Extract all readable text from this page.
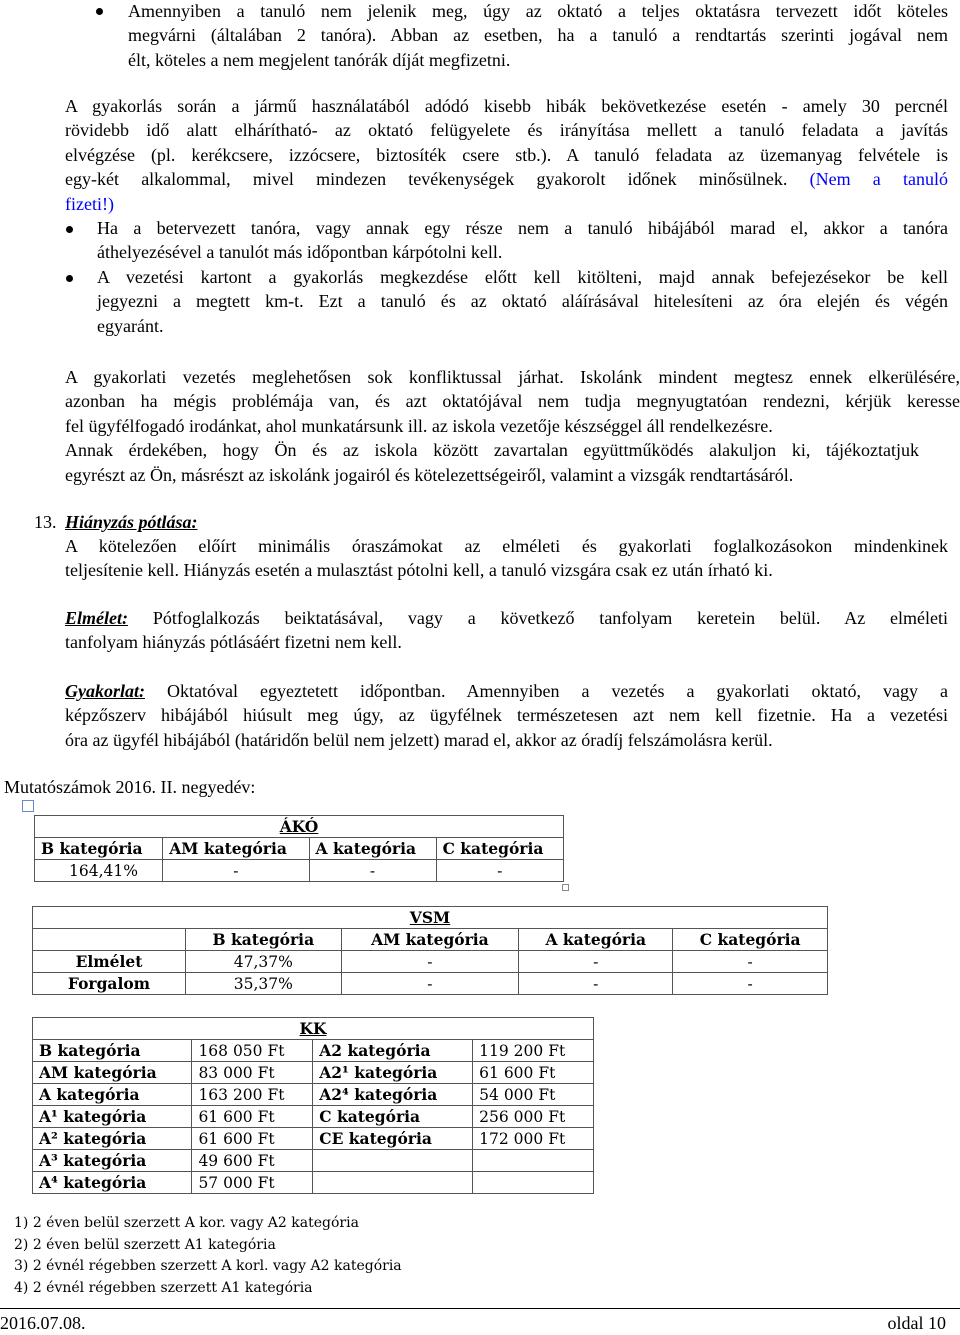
Amennyiben a tanuló nem jelenik meg, úgy az oktató a teljes oktatásra tervezett időt köteles
megvárni (általában 2 tanóra). Abban az esetben, ha a tanuló a rendtartás szerinti jogával nem
élt, köteles a nem megjelent tanórák díját megfizetni.
A gyakorlás során a jármű használatából adódó kisebb hibák bekövetkezése esetén - amely 30 percnél
rövidebb idő alatt elhárítható- az oktató felügyelete és irányítása mellett a tanuló feladata a javítás
elvégzése (pl. kerékcsere, izzócsere, biztosíték csere stb.). A tanuló feladata az üzemanyag felvétele is
egy-két alkalommal, mivel mindezen tevékenységek gyakorolt időnek minősülnek. (Nem a tanuló
fizeti!)
Ha a betervezett tanóra, vagy annak egy része nem a tanuló hibájából marad el, akkor a tanóra
áthelyezésével a tanulót más időpontban kárpótolni kell.
A vezetési kartont a gyakorlás megkezdése előtt kell kitölteni, majd annak befejezésekor be kell
jegyezni a megtett km-t. Ezt a tanuló és az oktató aláírásával hitelesíteni az óra elején és végén
egyaránt.
A gyakorlati vezetés meglehetősen sok konfliktussal járhat. Iskolánk mindent megtesz ennek elkerülésére,
azonban ha mégis problémája van, és azt oktatójával nem tudja megnyugtatóan rendezni, kérjük keresse
fel ügyfélfogadó irodánkat, ahol munkatársunk ill. az iskola vezetője készséggel áll rendelkezésre.
Annak érdekében, hogy Ön és az iskola között zavartalan együttműködés alakuljon ki, tájékoztatjuk
egyrészt az Ön, másrészt az iskolánk jogairól és kötelezettségeiről, valamint a vizsgák rendtartásáról.
13. Hiányzás pótlása:
A kötelezően előírt minimális óraszámokat az elméleti és gyakorlati foglalkozásokon mindenkinek
teljesítenie kell. Hiányzás esetén a mulasztást pótolni kell, a tanuló vizsgára csak ez után írható ki.
Elmélet: Pótfoglalkozás beiktatásával, vagy a következő tanfolyam keretein belül. Az elméleti
tanfolyam hiányzás pótlásáért fizetni nem kell.
Gyakorlat: Oktatóval egyeztetett időpontban. Amennyiben a vezetés a gyakorlati oktató, vagy a
képzőszerv hibájából hiúsult meg úgy, az ügyfélnek természetesen azt nem kell fizetnie. Ha a vezetési
óra az ügyfél hibájából (határidőn belül nem jelzett) marad el, akkor az óradíj felszámolásra kerül.
Mutatószámok 2016. II. negyedév:
ÁKÓ			
B kategória	AM kategória	A kategória	C kategória
164,41%	-	-	-
VSM				
	B kategória	AM kategória	A kategória	C kategória
Elmélet	47,37%	-	-	-
Forgalom	35,37%	-	-	-
KK			
B kategória	168 050 Ft	A2 kategória	119 200 Ft
AM kategória	83 000 Ft	A2¹ kategória	61 600 Ft
A kategória	163 200 Ft	A2⁴ kategória	54 000 Ft
A¹ kategória	61 600 Ft	C kategória	256 000 Ft
A² kategória	61 600 Ft	CE kategória	172 000 Ft
A³ kategória	49 600 Ft		
A⁴ kategória	57 000 Ft		
1) 2 éven belül szerzett A kor. vagy A2 kategória
2) 2 éven belül szerzett A1 kategória
3) 2 évnél régebben szerzett A korl. vagy A2 kategória
4) 2 évnél régebben szerzett A1 kategória
2016.07.08.	oldal 10
